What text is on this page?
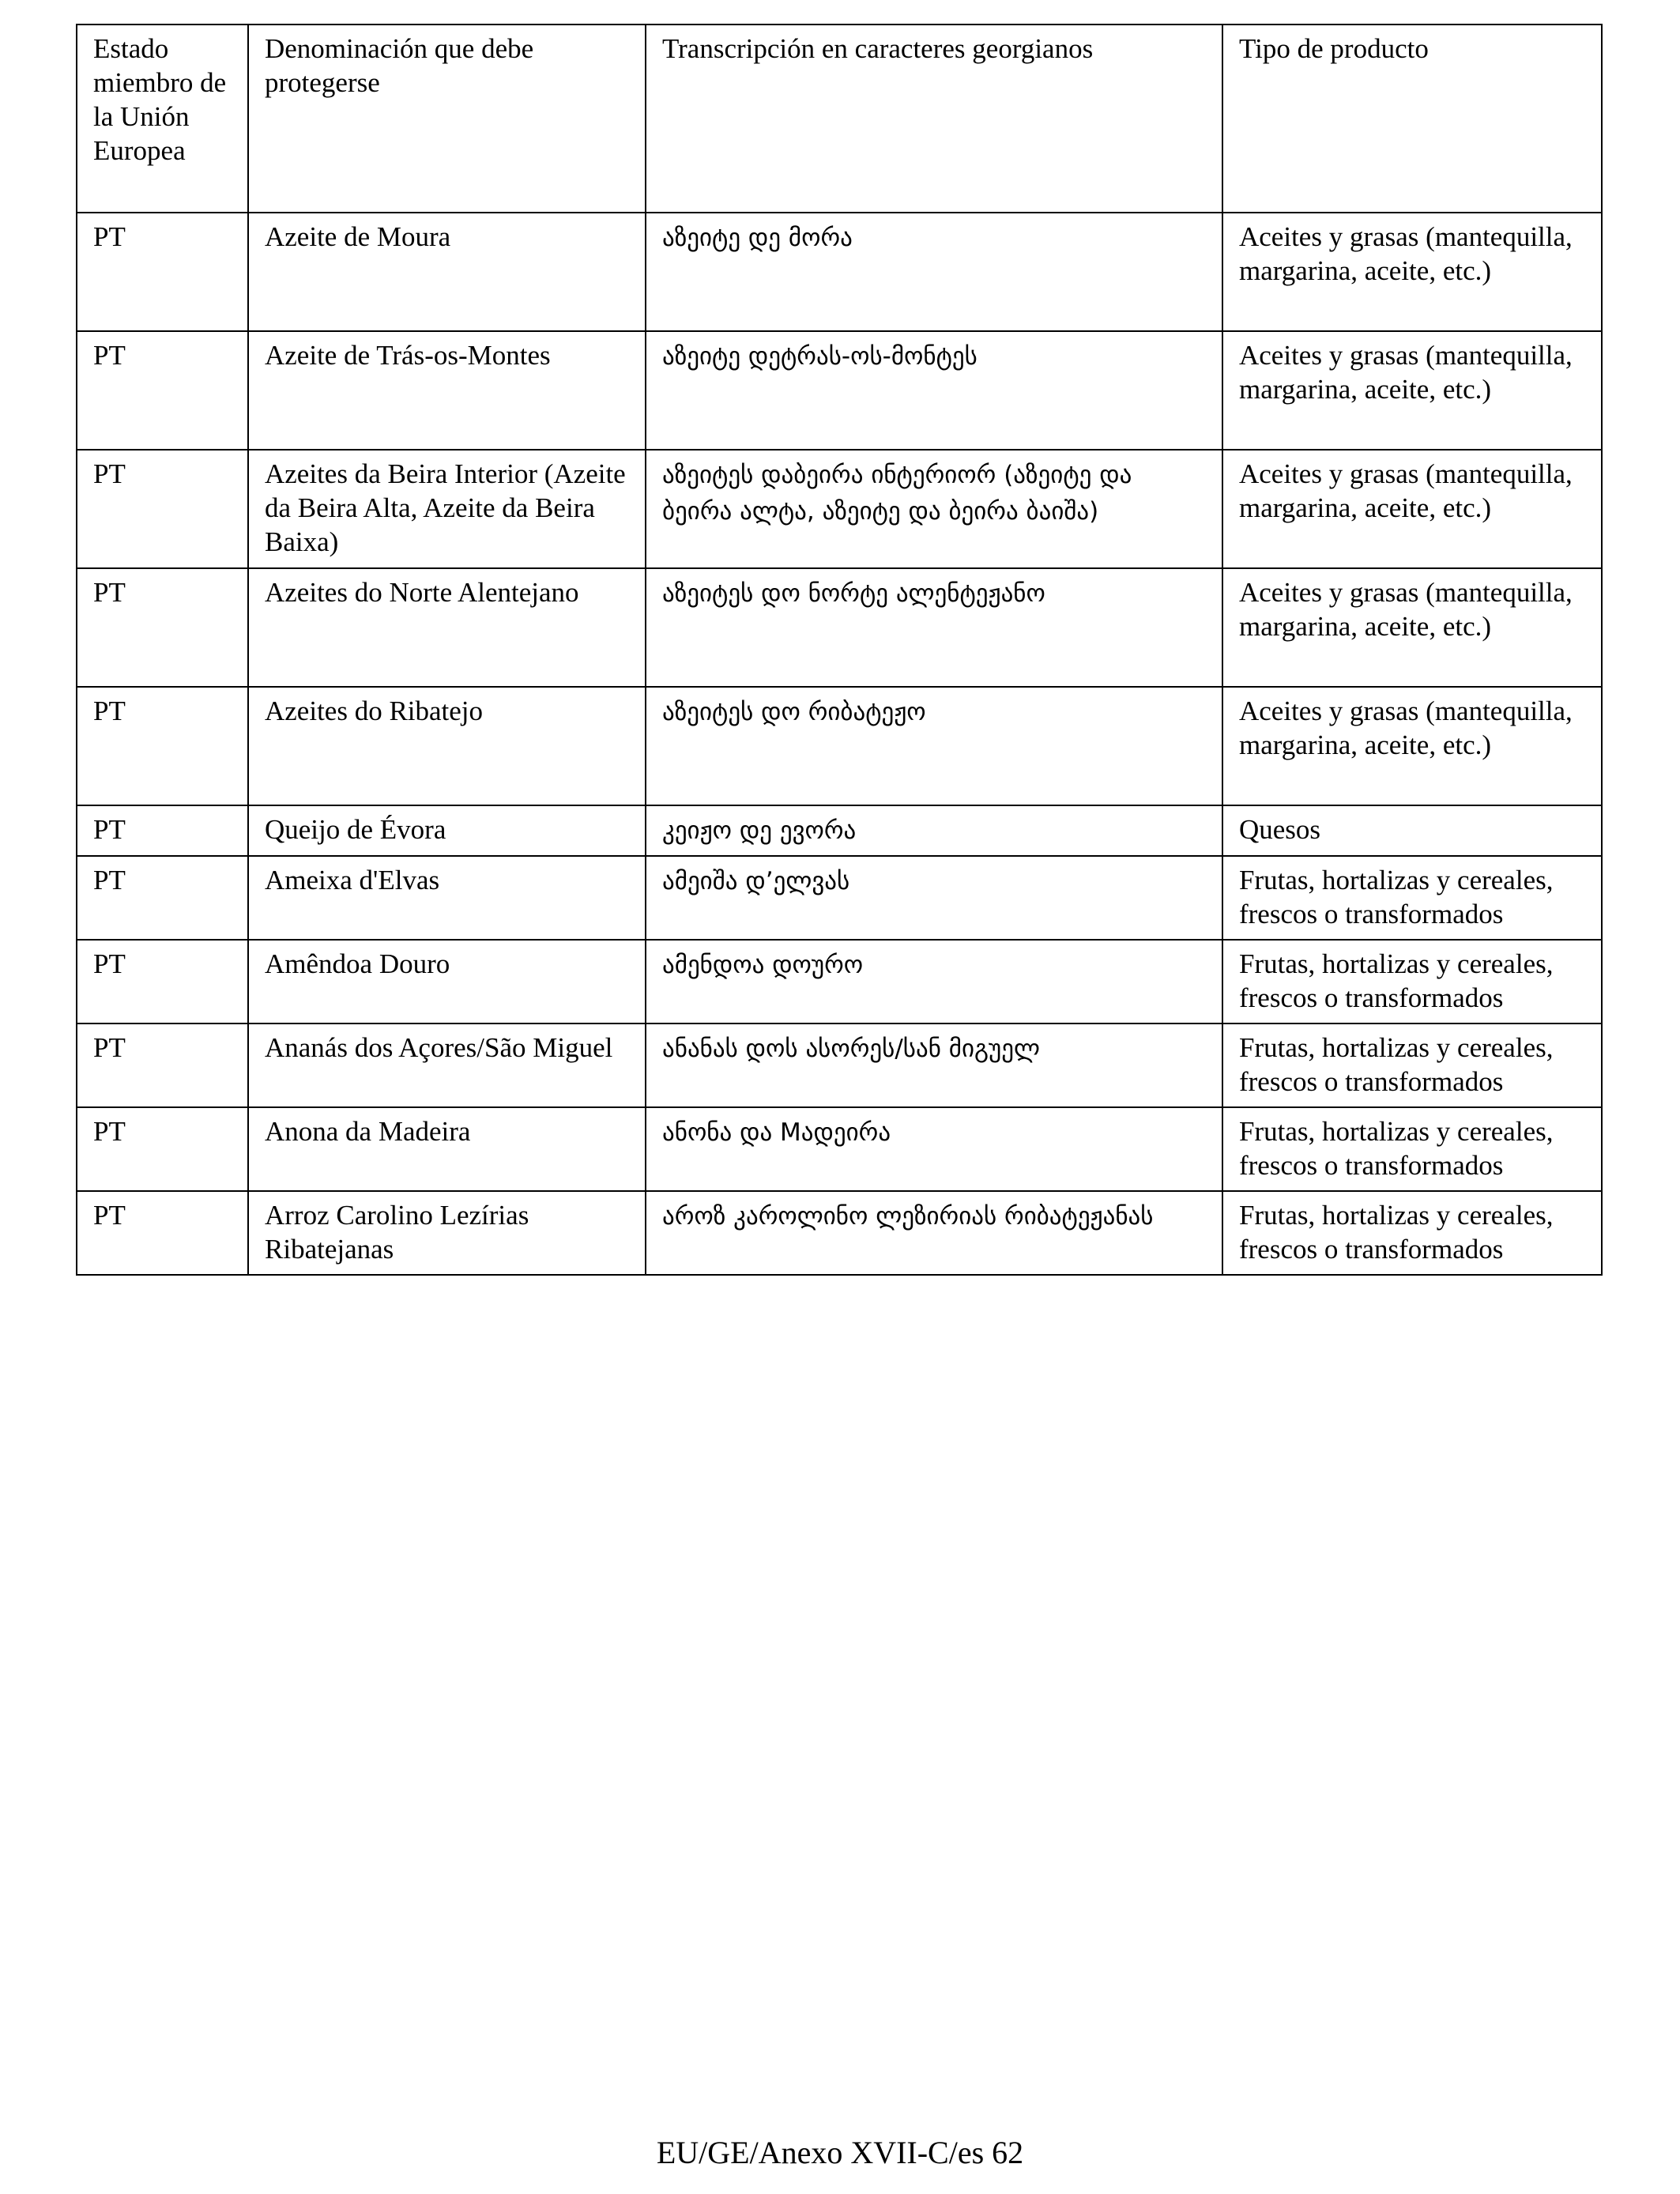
Estado miembro de la Unión Europea	Denominación que debe protegerse	Transcripción en caracteres georgianos	Tipo de producto
PT	Azeite de Moura	აზეიტე დე მორა	Aceites y grasas (mantequilla, margarina, aceite, etc.)
PT	Azeite de Trás-os-Montes	აზეიტე დეტრას-ოს-მონტეს	Aceites y grasas (mantequilla, margarina, aceite, etc.)
PT	Azeites da Beira Interior (Azeite da Beira Alta, Azeite da Beira Baixa)	აზეიტეს დაბეირა ინტერიორ (აზეიტე და ბეირა ალტა, აზეიტე და ბეირა ბაიშა)	Aceites y grasas (mantequilla, margarina, aceite, etc.)
PT	Azeites do Norte Alentejano	აზეიტეს დო ნორტე ალენტეჟანო	Aceites y grasas (mantequilla, margarina, aceite, etc.)
PT	Azeites do Ribatejo	აზეიტეს დო რიბატეჟო	Aceites y grasas (mantequilla, margarina, aceite, etc.)
PT	Queijo de Évora	კეიჟო დე ევორა	Quesos
PT	Ameixa d'Elvas	ამეიშა დ’ელვას	Frutas, hortalizas y cereales, frescos o transformados
PT	Amêndoa Douro	ამენდოა დოურო	Frutas, hortalizas y cereales, frescos o transformados
PT	Ananás dos Açores/São Miguel	ანანას დოს ასორეს/სან მიგუელ	Frutas, hortalizas y cereales, frescos o transformados
PT	Anona da Madeira	ანონა და Mადეირა	Frutas, hortalizas y cereales, frescos o transformados
PT	Arroz Carolino Lezírias Ribatejanas	აროზ კაროლინო ლეზირიას რიბატეჟანას	Frutas, hortalizas y cereales, frescos o transformados
EU/GE/Anexo XVII-C/es 62
